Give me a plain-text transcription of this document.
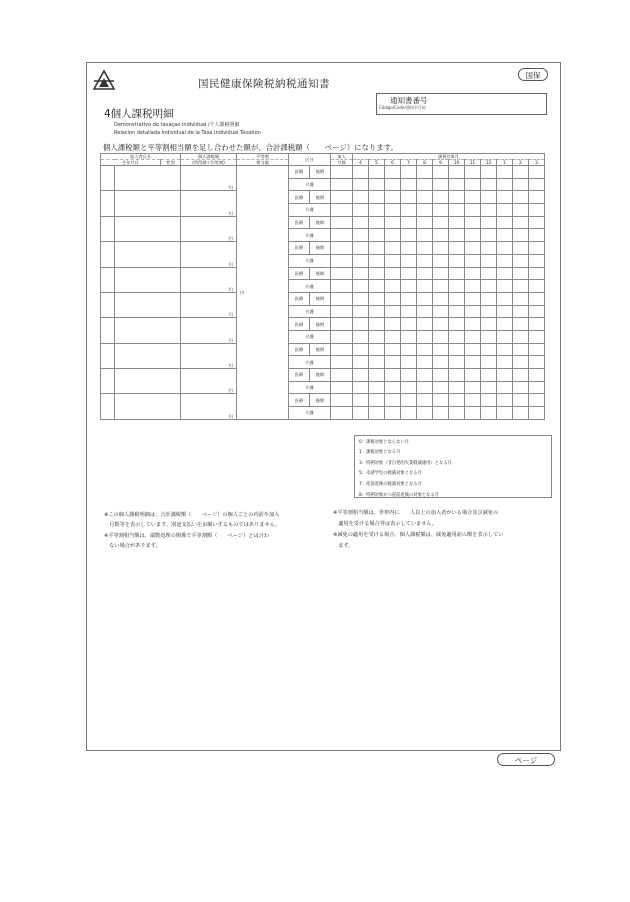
国民健康保険税納税通知書
国保
通知書番号
Código/Code/通知书号码
4個人課税明細
Demonstrativo de taxaçao individual /个人課税明細
Relacíon detallada individual de la Tasa Individual Taxation
個人課税額と平等割相当額を足し合わせた額が、合計課税額（　　ページ）になります。
加入者氏名			個人課税額	平等割	区分		加入	課税対象月											
生年月日		性別	(所得割＋均等割)	相当額			月数	4	5	6	7	8	9	10	11	12	1	2	3
			円	円	医療	後期													
					介護														
			円		医療	後期													
					介護														
			円		医療	後期													
					介護														
			円		医療	後期													
					介護														
			円		医療	後期													
					介護														
			円		医療	後期													
					介護														
			円		医療	後期													
					介護														
			円		医療	後期													
					介護														
			円		医療	後期													
					介護														
			円		医療	後期													
					介護														
0：課税対象とならない月
1：課税対象となる月
3：特例対象（非自発的失業軽減適用）となる月
5：未就学児の軽減対象となる月
7：産前産後の軽減対象となる月
8：特例対象かつ産前産後の対象となる月
※この個人課税明細は、合計課税額（　　ページ）の個人ごとの内訳や加入
　月数等を表示しています。別途支払いをお願いするものではありません。
※平等割相当額は、端数処理の関係で平等割額（　　ページ）とは合わ
　ない場合があります。
※平等割相当額は、世帯内に　　人以上の加入者がいる場合及び減免の
　適用を受ける場合等は表示していません。
※減免の適用を受ける場合、個人課税額は、減免適用前の額を表示してい
　ます。
ページ
